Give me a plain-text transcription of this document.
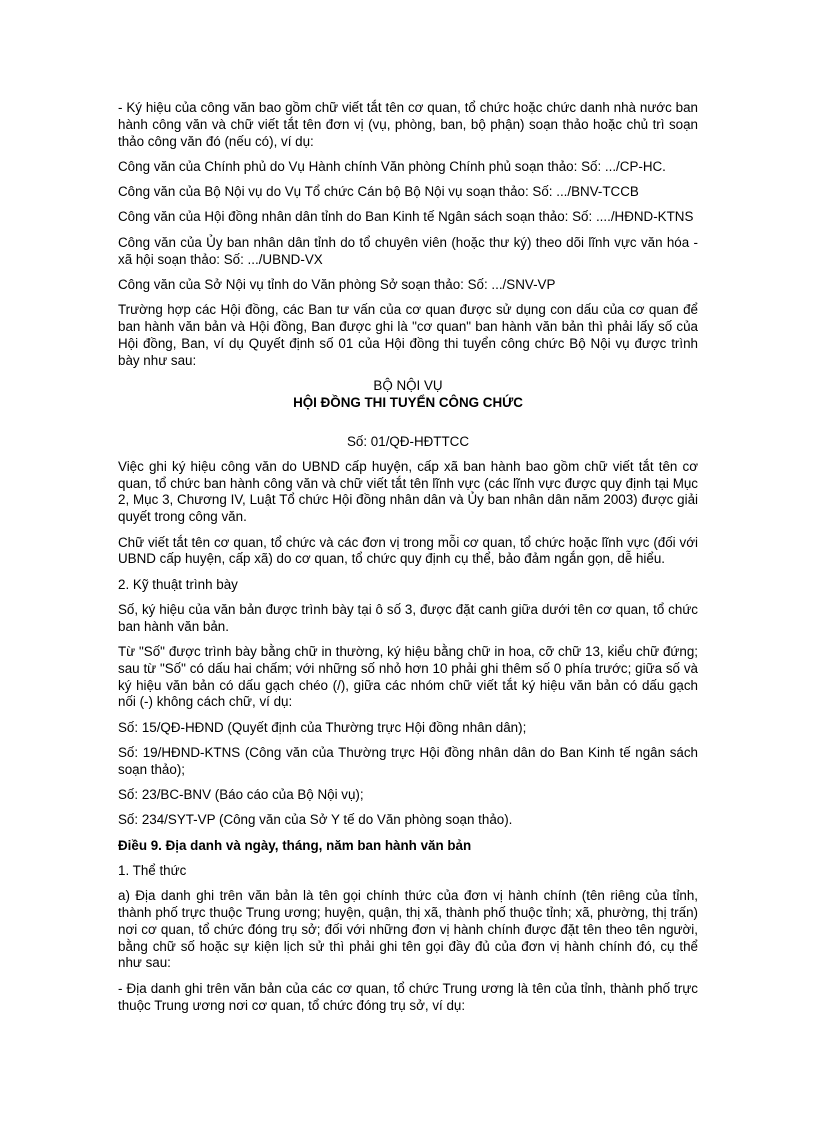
- Ký hiệu của công văn bao gồm chữ viết tắt tên cơ quan, tổ chức hoặc chức danh nhà nước ban hành công văn và chữ viết tắt tên đơn vị (vụ, phòng, ban, bộ phận) soạn thảo hoặc chủ trì soạn thảo công văn đó (nếu có), ví dụ:

Công văn của Chính phủ do Vụ Hành chính Văn phòng Chính phủ soạn thảo: Số: .../CP-HC.

Công văn của Bộ Nội vụ do Vụ Tổ chức Cán bộ Bộ Nội vụ soạn thảo: Số: .../BNV-TCCB

Công văn của Hội đồng nhân dân tỉnh do Ban Kinh tế Ngân sách soạn thảo: Số: ..../HĐND-KTNS

Công văn của Ủy ban nhân dân tỉnh do tổ chuyên viên (hoặc thư ký) theo dõi lĩnh vực văn hóa - xã hội soạn thảo: Số: .../UBND-VX

Công văn của Sở Nội vụ tỉnh do Văn phòng Sở soạn thảo: Số: .../SNV-VP

Trường hợp các Hội đồng, các Ban tư vấn của cơ quan được sử dụng con dấu của cơ quan để ban hành văn bản và Hội đồng, Ban được ghi là "cơ quan" ban hành văn bản thì phải lấy số của Hội đồng, Ban, ví dụ Quyết định số 01 của Hội đồng thi tuyển công chức Bộ Nội vụ được trình bày như sau:

BỘ NỘI VỤ
HỘI ĐỒNG THI TUYỂN CÔNG CHỨC
Số: 01/QĐ-HĐTTCC

Việc ghi ký hiệu công văn do UBND cấp huyện, cấp xã ban hành bao gồm chữ viết tắt tên cơ quan, tổ chức ban hành công văn và chữ viết tắt tên lĩnh vực (các lĩnh vực được quy định tại Mục 2, Mục 3, Chương IV, Luật Tổ chức Hội đồng nhân dân và Ủy ban nhân dân năm 2003) được giải quyết trong công văn.

Chữ viết tắt tên cơ quan, tổ chức và các đơn vị trong mỗi cơ quan, tổ chức hoặc lĩnh vực (đối với UBND cấp huyện, cấp xã) do cơ quan, tổ chức quy định cụ thể, bảo đảm ngắn gọn, dễ hiểu.

2. Kỹ thuật trình bày

Số, ký hiệu của văn bản được trình bày tại ô số 3, được đặt canh giữa dưới tên cơ quan, tổ chức ban hành văn bản.

Từ "Số" được trình bày bằng chữ in thường, ký hiệu bằng chữ in hoa, cỡ chữ 13, kiểu chữ đứng; sau từ "Số" có dấu hai chấm; với những số nhỏ hơn 10 phải ghi thêm số 0 phía trước; giữa số và ký hiệu văn bản có dấu gạch chéo (/), giữa các nhóm chữ viết tắt ký hiệu văn bản có dấu gạch nối (-) không cách chữ, ví dụ:

Số: 15/QĐ-HĐND (Quyết định của Thường trực Hội đồng nhân dân);

Số: 19/HĐND-KTNS (Công văn của Thường trực Hội đồng nhân dân do Ban Kinh tế ngân sách soạn thảo);

Số: 23/BC-BNV (Báo cáo của Bộ Nội vụ);

Số: 234/SYT-VP (Công văn của Sở Y tế do Văn phòng soạn thảo).

Điều 9. Địa danh và ngày, tháng, năm ban hành văn bản

1. Thể thức

a) Địa danh ghi trên văn bản là tên gọi chính thức của đơn vị hành chính (tên riêng của tỉnh, thành phố trực thuộc Trung ương; huyện, quận, thị xã, thành phố thuộc tỉnh; xã, phường, thị trấn) nơi cơ quan, tổ chức đóng trụ sở; đối với những đơn vị hành chính được đặt tên theo tên người, bằng chữ số hoặc sự kiện lịch sử thì phải ghi tên gọi đầy đủ của đơn vị hành chính đó, cụ thể như sau:

- Địa danh ghi trên văn bản của các cơ quan, tổ chức Trung ương là tên của tỉnh, thành phố trực thuộc Trung ương nơi cơ quan, tổ chức đóng trụ sở, ví dụ:
